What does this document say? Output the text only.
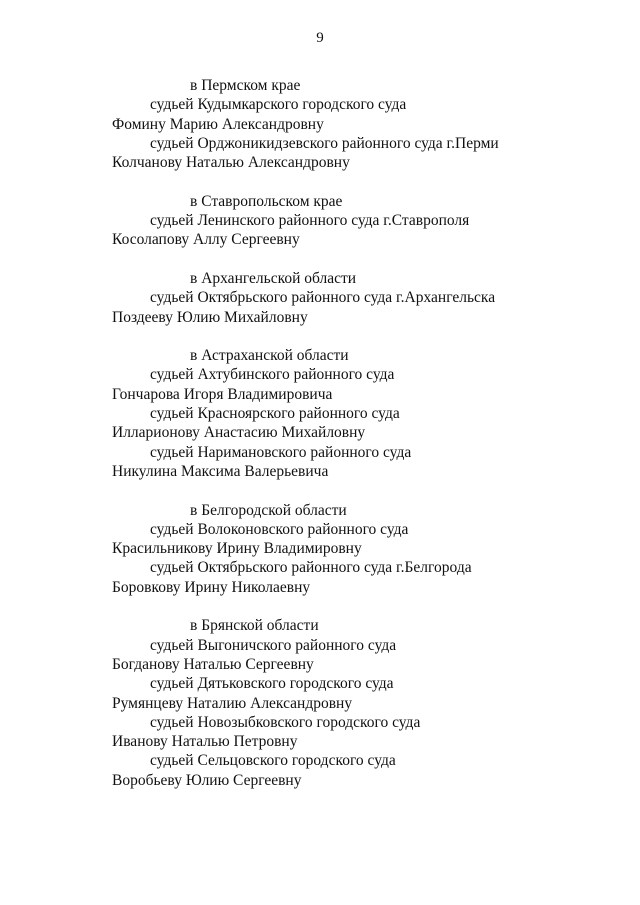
9
в Пермском крае
судьей Кудымкарского городского суда
Фомину Марию Александровну
судьей Орджоникидзевского районного суда г.Перми
Колчанову Наталью Александровну
в Ставропольском крае
судьей Ленинского районного суда г.Ставрополя
Косолапову Аллу Сергеевну
в Архангельской области
судьей Октябрьского районного суда г.Архангельска
Поздееву Юлию Михайловну
в Астраханской области
судьей Ахтубинского районного суда
Гончарова Игоря Владимировича
судьей Красноярского районного суда
Илларионову Анастасию Михайловну
судьей Наримановского районного суда
Никулина Максима Валерьевича
в Белгородской области
судьей Волоконовского районного суда
Красильникову Ирину Владимировну
судьей Октябрьского районного суда г.Белгорода
Боровкову Ирину Николаевну
в Брянской области
судьей Выгоничского районного суда
Богданову Наталью Сергеевну
судьей Дятьковского городского суда
Румянцеву Наталию Александровну
судьей Новозыбковского городского суда
Иванову Наталью Петровну
судьей Сельцовского городского суда
Воробьеву Юлию Сергеевну
